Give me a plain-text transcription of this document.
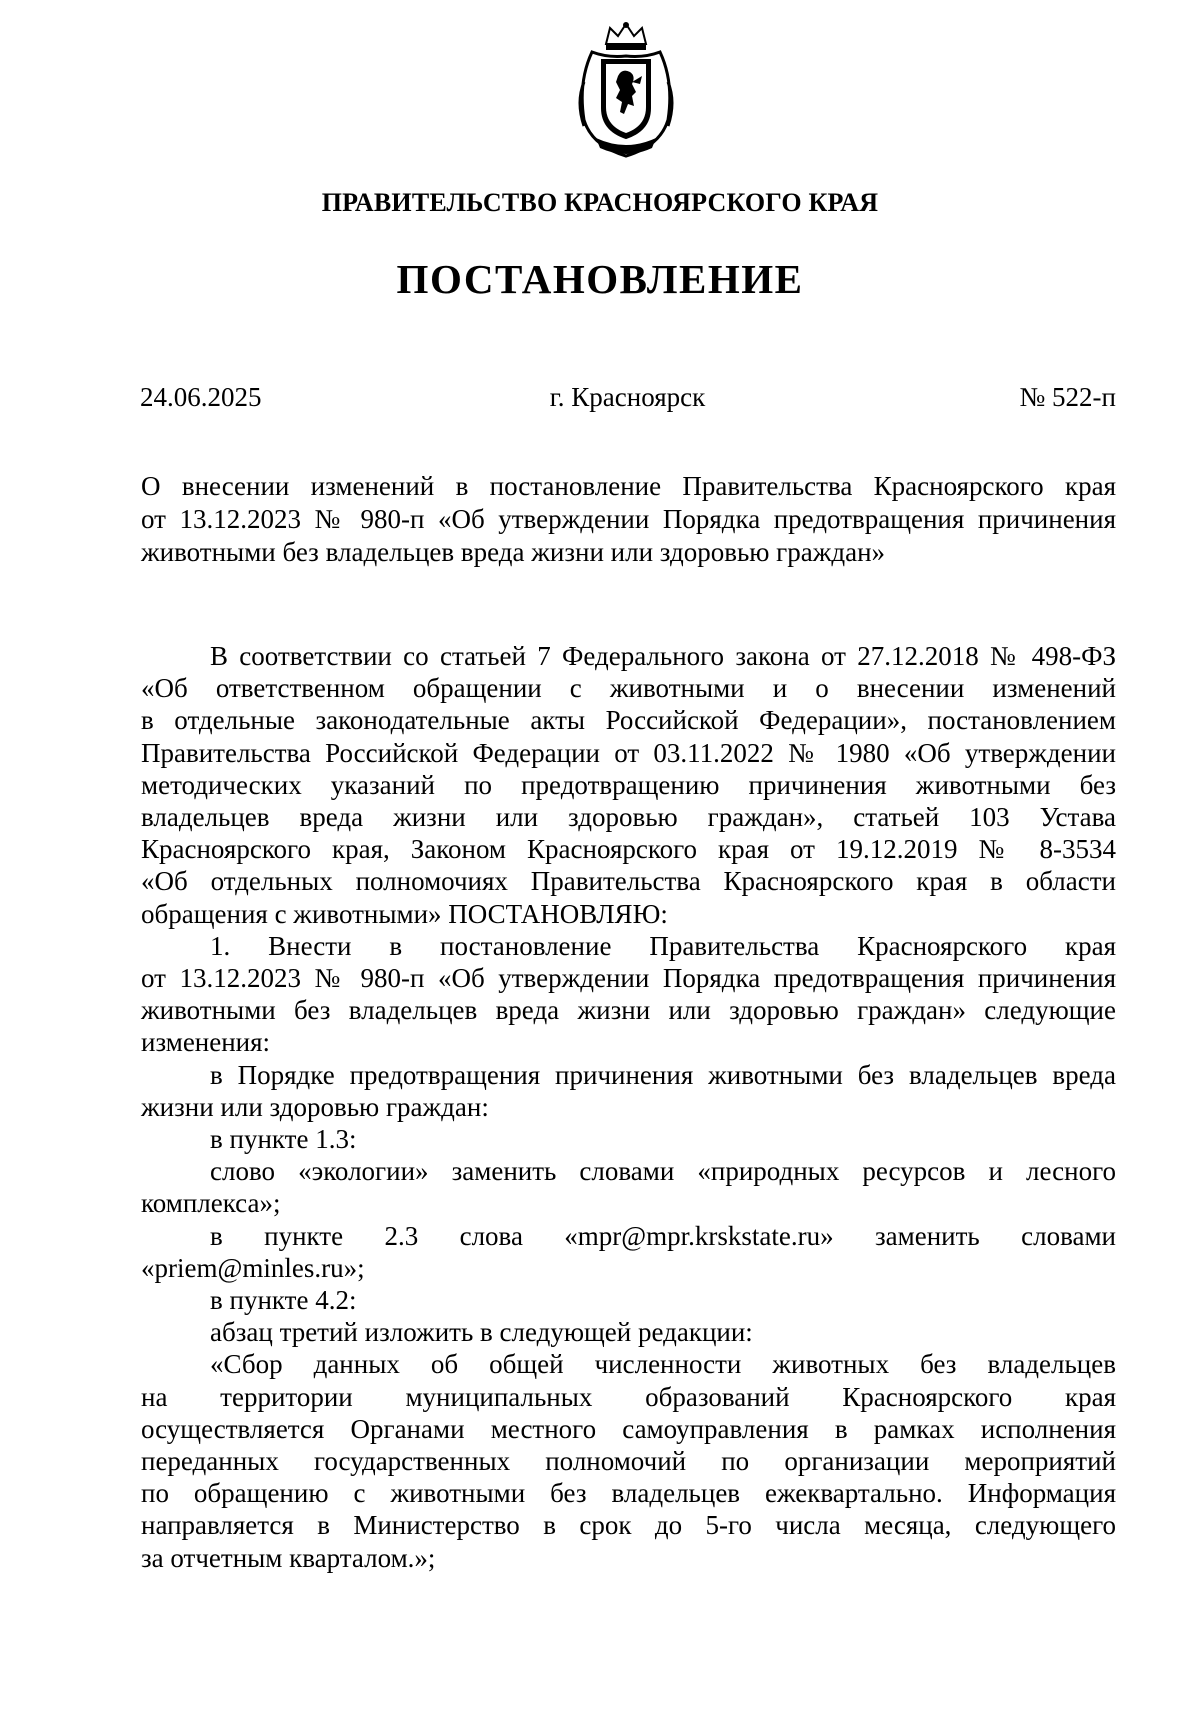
ПРАВИТЕЛЬСТВО КРАСНОЯРСКОГО КРАЯ
ПОСТАНОВЛЕНИЕ
24.06.2025	г. Красноярск	№ 522-п
О внесении изменений в постановление Правительства Красноярского края
от 13.12.2023 № 980-п «Об утверждении Порядка предотвращения причинения
животными без владельцев вреда жизни или здоровью граждан»
В соответствии со статьей 7 Федерального закона от 27.12.2018 № 498-ФЗ
«Об ответственном обращении с животными и о внесении изменений
в отдельные законодательные акты Российской Федерации», постановлением
Правительства Российской Федерации от 03.11.2022 № 1980 «Об утверждении
методических указаний по предотвращению причинения животными без
владельцев вреда жизни или здоровью граждан», статьей 103 Устава
Красноярского края, Законом Красноярского края от 19.12.2019 № 8-3534
«Об отдельных полномочиях Правительства Красноярского края в области
обращения с животными» ПОСТАНОВЛЯЮ:
1. Внести в постановление Правительства Красноярского края
от 13.12.2023 № 980-п «Об утверждении Порядка предотвращения причинения
животными без владельцев вреда жизни или здоровью граждан» следующие
изменения:
в Порядке предотвращения причинения животными без владельцев вреда
жизни или здоровью граждан:
в пункте 1.3:
слово «экологии» заменить словами «природных ресурсов и лесного
комплекса»;
в пункте 2.3 слова «mpr@mpr.krskstate.ru» заменить словами
«priem@minles.ru»;
в пункте 4.2:
абзац третий изложить в следующей редакции:
«Сбор данных об общей численности животных без владельцев
на территории муниципальных образований Красноярского края
осуществляется Органами местного самоуправления в рамках исполнения
переданных государственных полномочий по организации мероприятий
по обращению с животными без владельцев ежеквартально. Информация
направляется в Министерство в срок до 5-го числа месяца, следующего
за отчетным кварталом.»;
